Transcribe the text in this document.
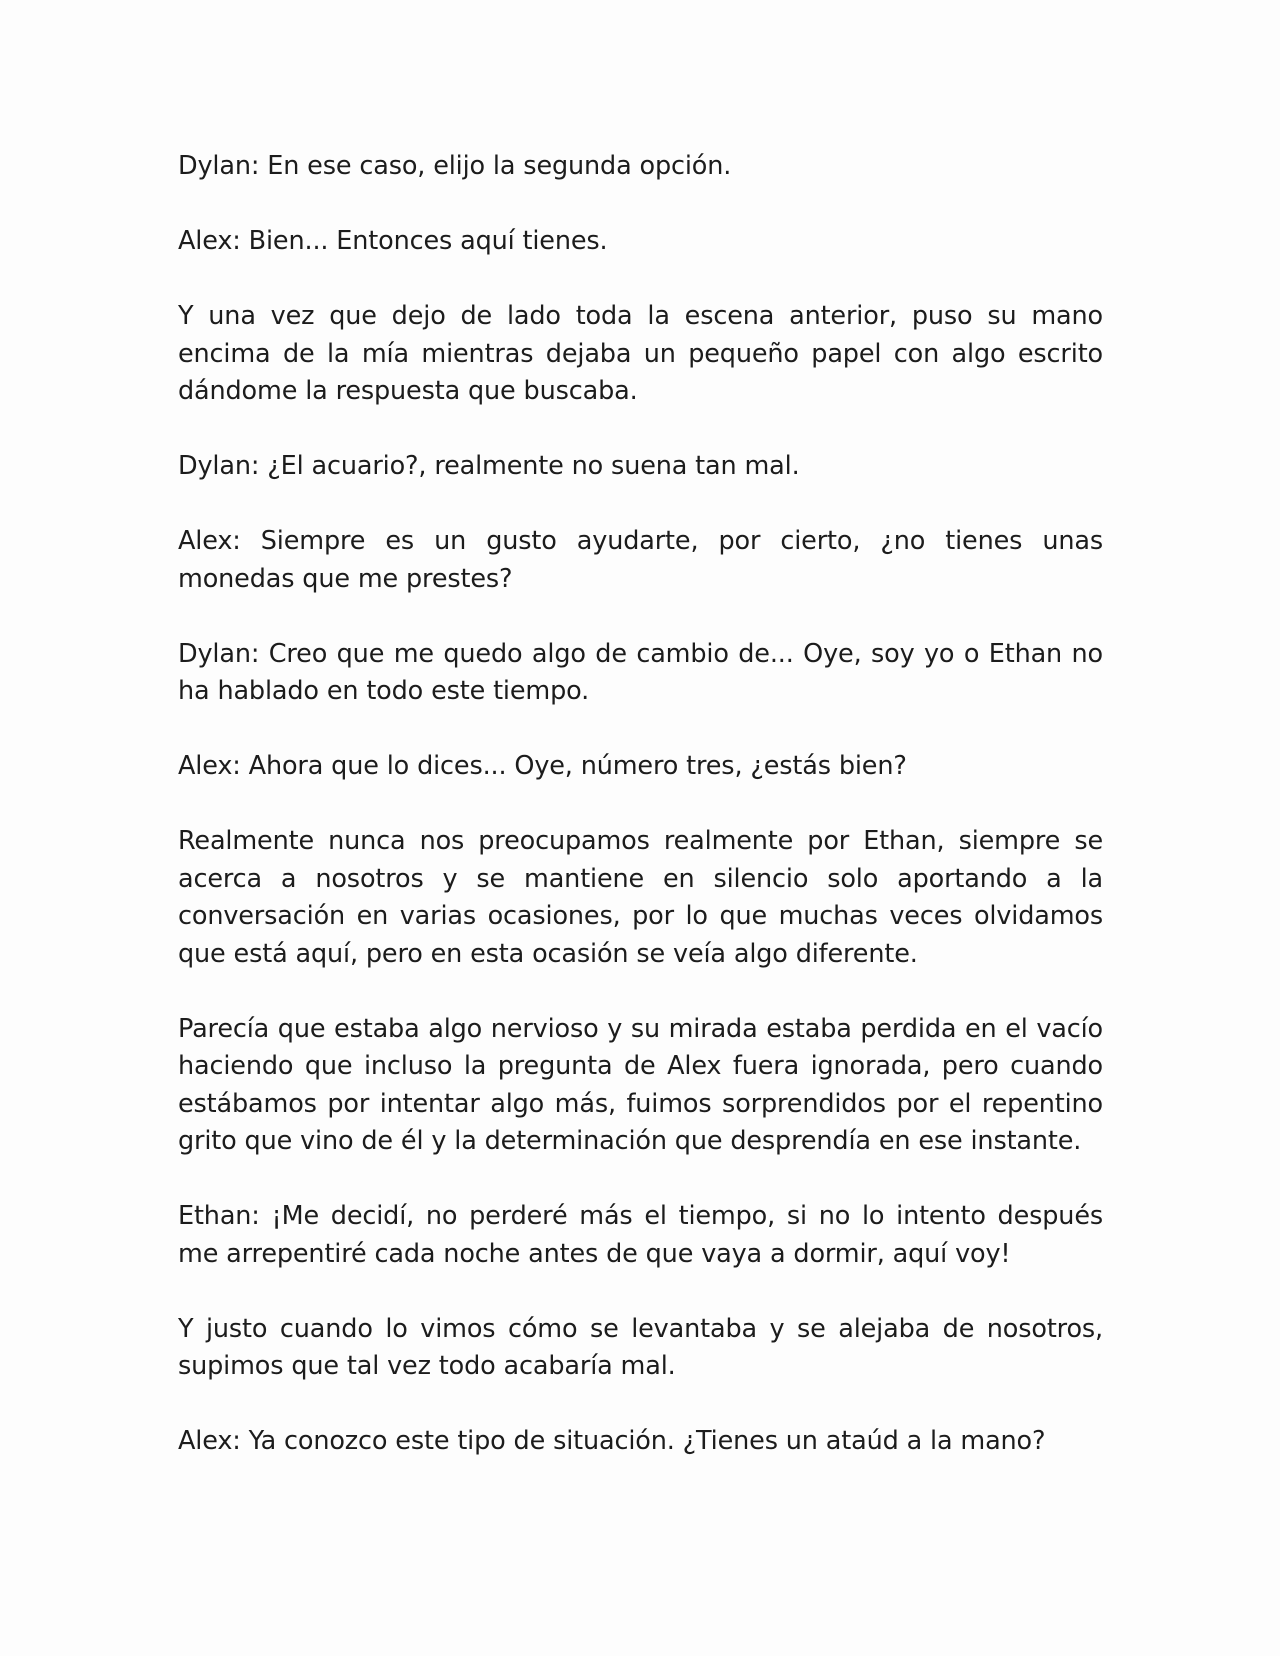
Dylan: En ese caso, elijo la segunda opción.

Alex: Bien... Entonces aquí tienes.

Y una vez que dejo de lado toda la escena anterior, puso su mano encima de la mía mientras dejaba un pequeño papel con algo escrito dándome la respuesta que buscaba.

Dylan: ¿El acuario?, realmente no suena tan mal.

Alex: Siempre es un gusto ayudarte, por cierto, ¿no tienes unas monedas que me prestes?

Dylan: Creo que me quedo algo de cambio de... Oye, soy yo o Ethan no ha hablado en todo este tiempo.

Alex: Ahora que lo dices... Oye, número tres, ¿estás bien?

Realmente nunca nos preocupamos realmente por Ethan, siempre se acerca a nosotros y se mantiene en silencio solo aportando a la conversación en varias ocasiones, por lo que muchas veces olvidamos que está aquí, pero en esta ocasión se veía algo diferente.

Parecía que estaba algo nervioso y su mirada estaba perdida en el vacío haciendo que incluso la pregunta de Alex fuera ignorada, pero cuando estábamos por intentar algo más, fuimos sorprendidos por el repentino grito que vino de él y la determinación que desprendía en ese instante.

Ethan: ¡Me decidí, no perderé más el tiempo, si no lo intento después me arrepentiré cada noche antes de que vaya a dormir, aquí voy!

Y justo cuando lo vimos cómo se levantaba y se alejaba de nosotros, supimos que tal vez todo acabaría mal.

Alex: Ya conozco este tipo de situación. ¿Tienes un ataúd a la mano?
